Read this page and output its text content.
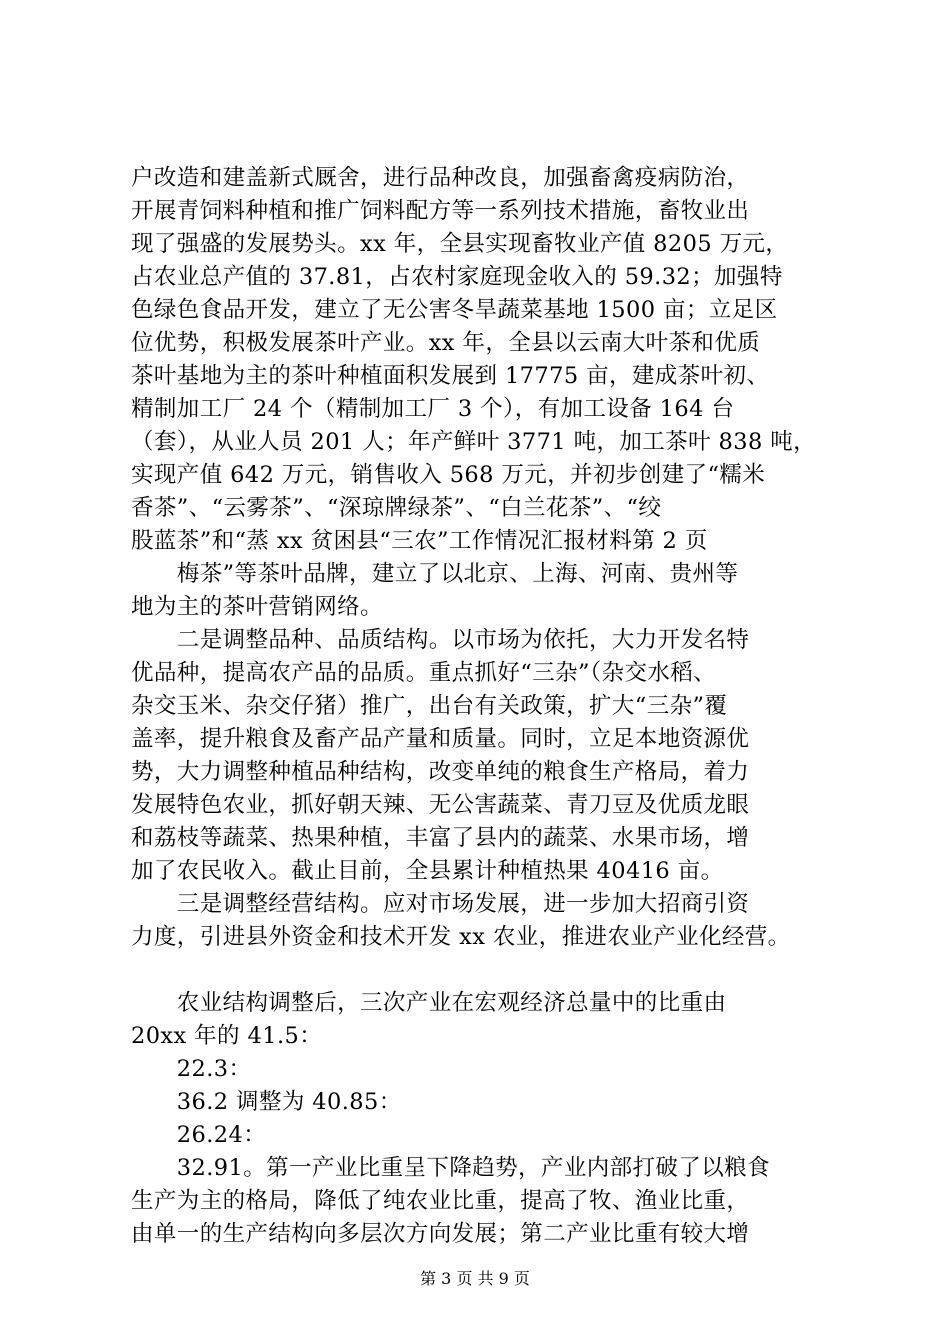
户改造和建盖新式厩舍，进行品种改良，加强畜禽疫病防治，
开展青饲料种植和推广饲料配方等一系列技术措施，畜牧业出
现了强盛的发展势头。xx 年，全县实现畜牧业产值 8205 万元，
占农业总产值的 37.81，占农村家庭现金收入的 59.32；加强特
色绿色食品开发，建立了无公害冬旱蔬菜基地 1500 亩；立足区
位优势，积极发展茶叶产业。xx 年，全县以云南大叶茶和优质
茶叶基地为主的茶叶种植面积发展到 17775 亩，建成茶叶初、
精制加工厂 24 个（精制加工厂 3 个），有加工设备 164 台
（套），从业人员 201 人；年产鲜叶 3771 吨，加工茶叶 838 吨，
实现产值 642 万元，销售收入 568 万元，并初步创建了“糯米
香茶”、“云雾茶”、“深琼牌绿茶”、“白兰花茶”、“绞
股蓝茶”和“蒸 xx 贫困县“三农”工作情况汇报材料第 2 页
　　梅茶”等茶叶品牌，建立了以北京、上海、河南、贵州等
地为主的茶叶营销网络。
　　二是调整品种、品质结构。以市场为依托，大力开发名特
优品种，提高农产品的品质。重点抓好“三杂”（杂交水稻、
杂交玉米、杂交仔猪）推广，出台有关政策，扩大“三杂”覆
盖率，提升粮食及畜产品产量和质量。同时，立足本地资源优
势，大力调整种植品种结构，改变单纯的粮食生产格局，着力
发展特色农业，抓好朝天辣、无公害蔬菜、青刀豆及优质龙眼
和荔枝等蔬菜、热果种植，丰富了县内的蔬菜、水果市场，增
加了农民收入。截止目前，全县累计种植热果 40416 亩。
　　三是调整经营结构。应对市场发展，进一步加大招商引资
力度，引进县外资金和技术开发 xx 农业，推进农业产业化经营。
　　农业结构调整后，三次产业在宏观经济总量中的比重由
20xx 年的 41.5：
　　22.3：
　　36.2 调整为 40.85：
　　26.24：
　　32.91。第一产业比重呈下降趋势，产业内部打破了以粮食
生产为主的格局，降低了纯农业比重，提高了牧、渔业比重，
由单一的生产结构向多层次方向发展；第二产业比重有较大增
第 3 页 共 9 页
